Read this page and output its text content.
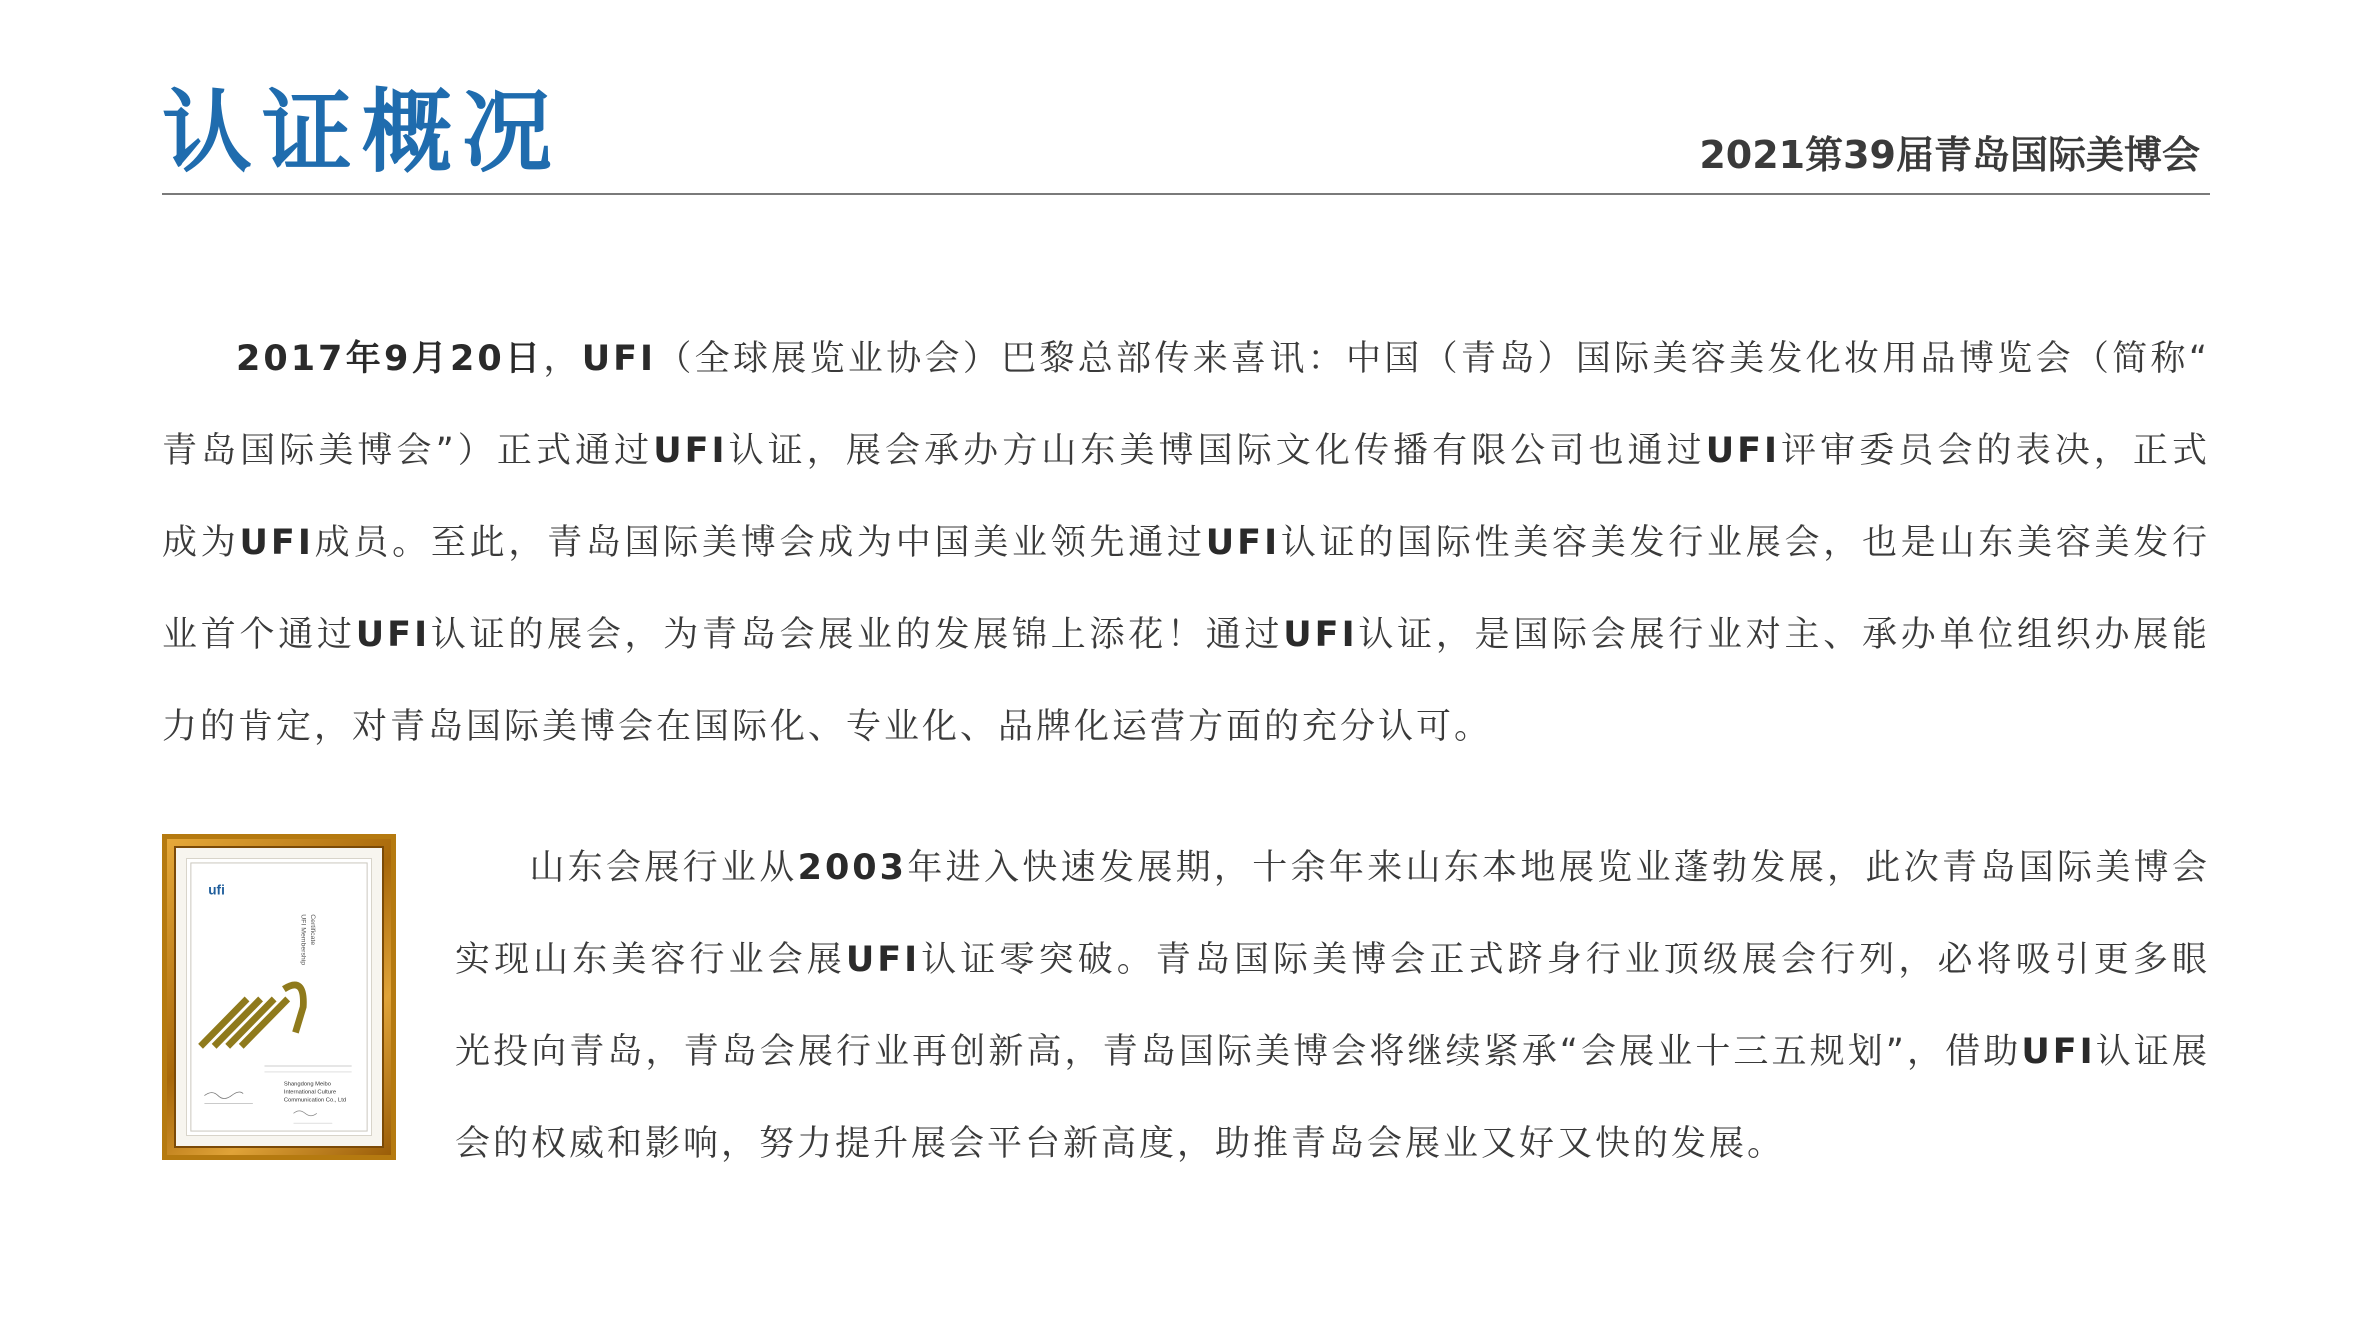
认证概况	2021第39届青岛国际美博会
2017年9月20日，UFI（全球展览业协会）巴黎总部传来喜讯：中国（青岛）国际美容美发化妆用品博览会（简称“
青岛国际美博会”）正式通过UFI认证，展会承办方山东美博国际文化传播有限公司也通过UFI评审委员会的表决，正式
成为UFI成员。至此，青岛国际美博会成为中国美业领先通过UFI认证的国际性美容美发行业展会，也是山东美容美发行
业首个通过UFI认证的展会，为青岛会展业的发展锦上添花！通过UFI认证，是国际会展行业对主、承办单位组织办展能
力的肯定，对青岛国际美博会在国际化、专业化、品牌化运营方面的充分认可。
ufi
UFI Membership Certificate
Shangdong Meibo
International Culture
Communication Co., Ltd
山东会展行业从2003年进入快速发展期，十余年来山东本地展览业蓬勃发展，此次青岛国际美博会
实现山东美容行业会展UFI认证零突破。青岛国际美博会正式跻身行业顶级展会行列，必将吸引更多眼
光投向青岛，青岛会展行业再创新高，青岛国际美博会将继续紧承“会展业十三五规划”，借助UFI认证展
会的权威和影响，努力提升展会平台新高度，助推青岛会展业又好又快的发展。
